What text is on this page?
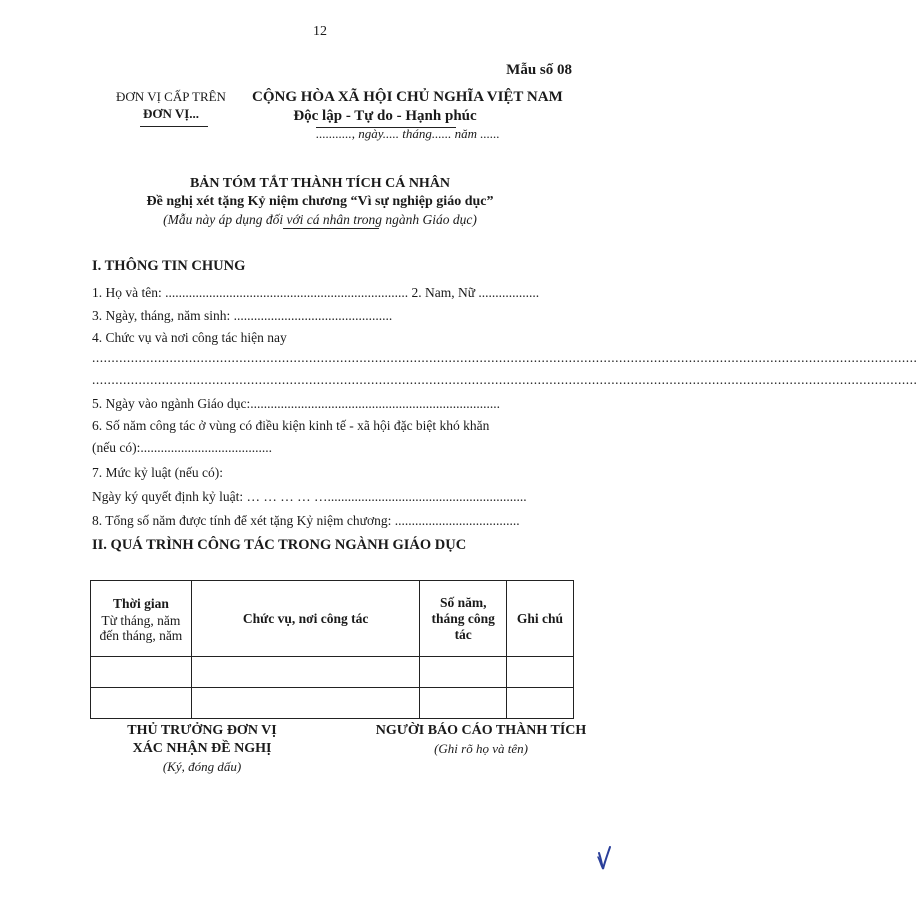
12
Mẫu số 08
ĐƠN VỊ CẤP TRÊN
ĐƠN VỊ...
CỘNG HÒA XÃ HỘI CHỦ NGHĨA VIỆT NAM
Độc lập - Tự do - Hạnh phúc
..........., ngày..... tháng...... năm ......
BẢN TÓM TẮT THÀNH TÍCH CÁ NHÂN
Đề nghị xét tặng Kỷ niệm chương “Vì sự nghiệp giáo dục”
(Mẫu này áp dụng đối với cá nhân trong ngành Giáo dục)
I. THÔNG TIN CHUNG
1. Họ và tên: ........................................................................ 2. Nam, Nữ ..................
3. Ngày, tháng, năm sinh: ...............................................
4. Chức vụ và nơi công tác hiện nay
.....................................................................................................................................................................................................................
.....................................................................................................................................................................................................................
5. Ngày vào ngành Giáo dục:..........................................................................
6. Số năm công tác ở vùng có điều kiện kinh tế - xã hội đặc biệt khó khăn
(nếu có):.......................................
7. Mức kỷ luật (nếu có):
Ngày ký quyết định kỷ luật: … … … … …...........................................................
8. Tổng số năm được tính để xét tặng Kỷ niệm chương: .....................................
II. QUÁ TRÌNH CÔNG TÁC TRONG NGÀNH GIÁO DỤC
Thời gian
Từ tháng, năm
đến tháng, năm	Chức vụ, nơi công tác	Số năm,
tháng công
tác	Ghi chú

THỦ TRƯỞNG ĐƠN VỊ
XÁC NHẬN ĐỀ NGHỊ
(Ký, đóng dấu)
NGƯỜI BÁO CÁO THÀNH TÍCH
(Ghi rõ họ và tên)
